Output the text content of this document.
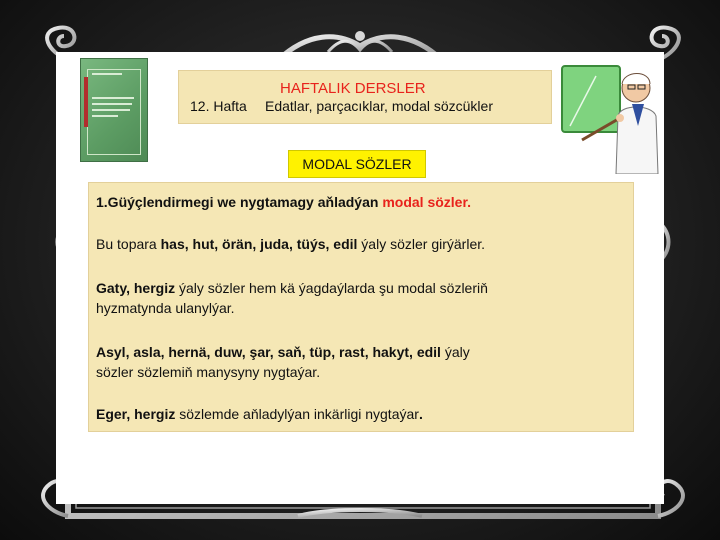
HAFTALIK DERSLER
12. Hafta Edatlar, parçacıklar, modal sözcükler
MODAL SÖZLER

1.Güýçlendirmegi we nygtamagy aňladýan modal sözler.

Bu topara has, hut, örän, juda, tüýs, edil ýaly sözler girýärler.

Gaty, hergiz ýaly sözler hem kä ýagdaýlarda şu modal sözleriň
hyzmatynda ulanylýar.

Asyl, asla, hernä, duw, şar, saň, tüp, rast, hakyt, edil ýaly
sözler sözlemiň manysyny nygtaýar.

Eger, hergiz sözlemde aňladylýan inkärligi nygtaýar.
